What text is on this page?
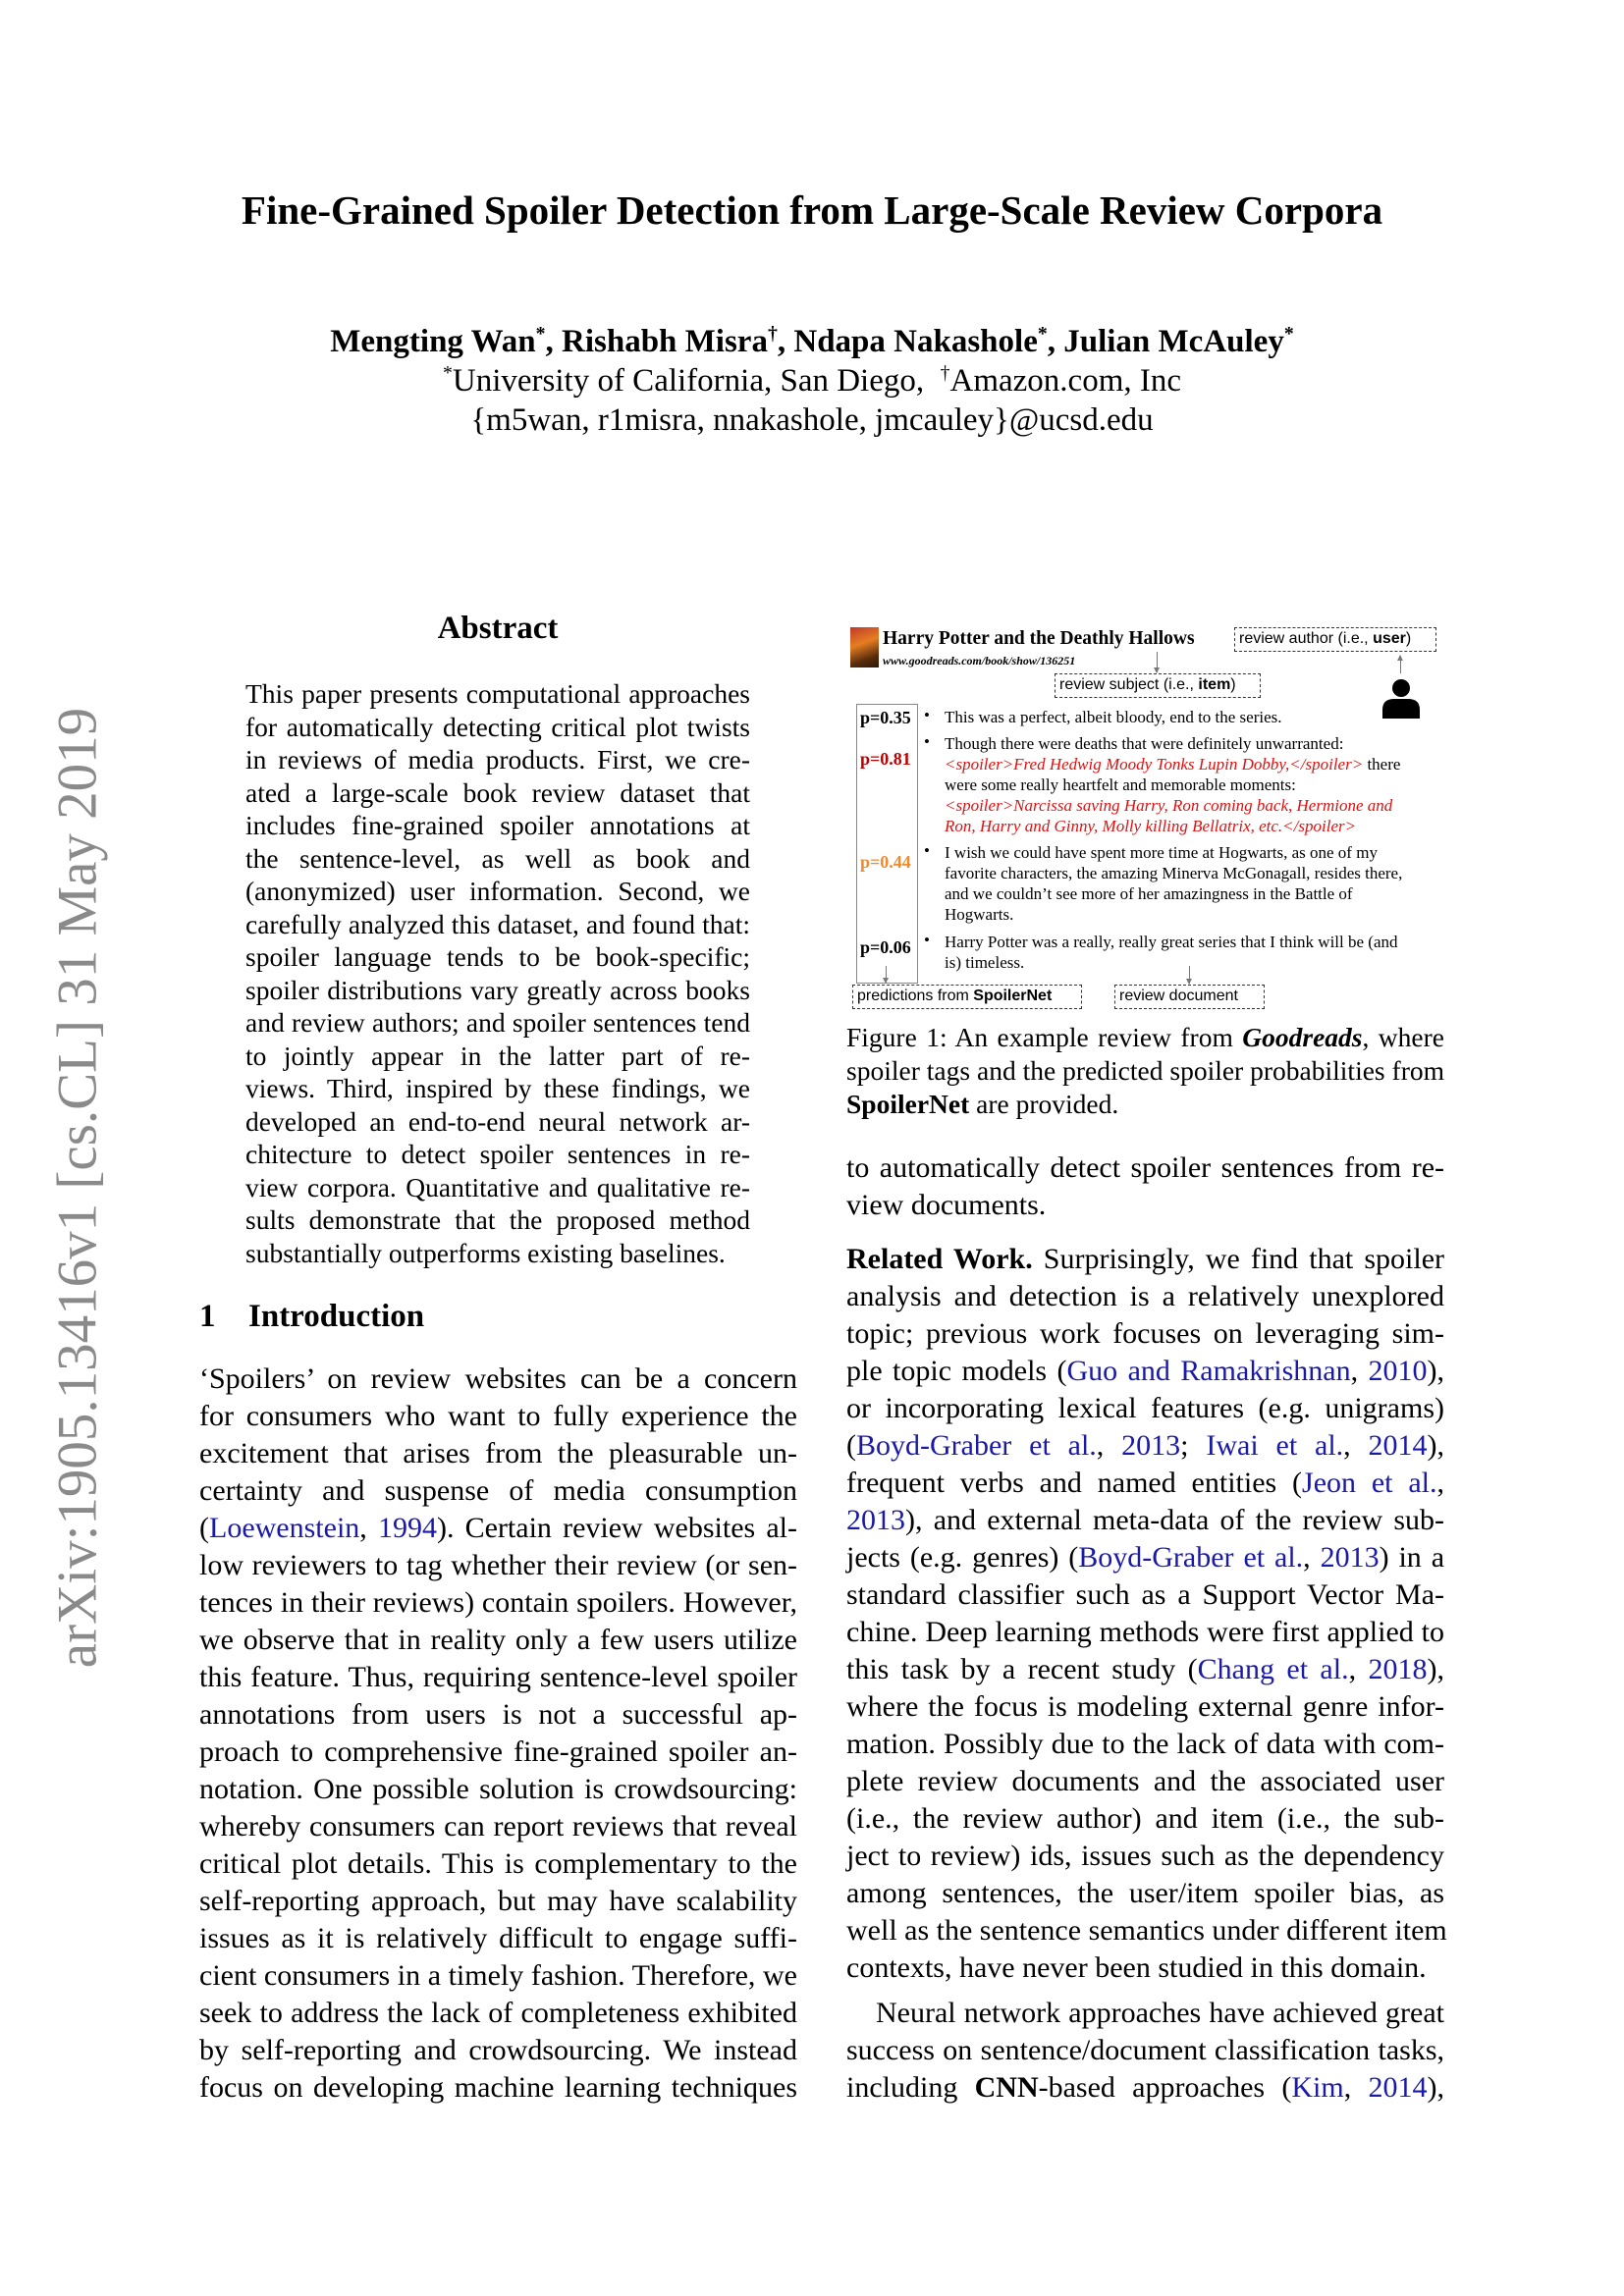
Fine-Grained Spoiler Detection from Large-Scale Review Corpora
Mengting Wan*, Rishabh Misra†, Ndapa Nakashole*, Julian McAuley*
*University of California, San Diego, †Amazon.com, Inc
{m5wan, r1misra, nnakashole, jmcauley}@ucsd.edu
arXiv:1905.13416v1 [cs.CL] 31 May 2019
Abstract
This paper presents computational approaches
for automatically detecting critical plot twists
in reviews of media products. First, we cre-
ated a large-scale book review dataset that
includes fine-grained spoiler annotations at
the sentence-level, as well as book and
(anonymized) user information. Second, we
carefully analyzed this dataset, and found that:
spoiler language tends to be book-specific;
spoiler distributions vary greatly across books
and review authors; and spoiler sentences tend
to jointly appear in the latter part of re-
views. Third, inspired by these findings, we
developed an end-to-end neural network ar-
chitecture to detect spoiler sentences in re-
view corpora. Quantitative and qualitative re-
sults demonstrate that the proposed method
substantially outperforms existing baselines.
1 Introduction
‘Spoilers’ on review websites can be a concern
for consumers who want to fully experience the
excitement that arises from the pleasurable un-
certainty and suspense of media consumption
(Loewenstein, 1994). Certain review websites al-
low reviewers to tag whether their review (or sen-
tences in their reviews) contain spoilers. However,
we observe that in reality only a few users utilize
this feature. Thus, requiring sentence-level spoiler
annotations from users is not a successful ap-
proach to comprehensive fine-grained spoiler an-
notation. One possible solution is crowdsourcing:
whereby consumers can report reviews that reveal
critical plot details. This is complementary to the
self-reporting approach, but may have scalability
issues as it is relatively difficult to engage suffi-
cient consumers in a timely fashion. Therefore, we
seek to address the lack of completeness exhibited
by self-reporting and crowdsourcing. We instead
focus on developing machine learning techniques
Harry Potter and the Deathly Hallows
www.goodreads.com/book/show/136251
review author (i.e., user)
review subject (i.e., item)
p=0.35
p=0.81
p=0.44
p=0.06
•
•
•
•
This was a perfect, albeit bloody, end to the series.
Though there were deaths that were definitely unwarranted:
<spoiler>Fred Hedwig Moody Tonks Lupin Dobby,</spoiler> there
were some really heartfelt and memorable moments:
<spoiler>Narcissa saving Harry, Ron coming back, Hermione and
Ron, Harry and Ginny, Molly killing Bellatrix, etc.</spoiler>
I wish we could have spent more time at Hogwarts, as one of my
favorite characters, the amazing Minerva McGonagall, resides there,
and we couldn’t see more of her amazingness in the Battle of
Hogwarts.
Harry Potter was a really, really great series that I think will be (and
is) timeless.
predictions from SpoilerNet	review document
Figure 1: An example review from Goodreads, where
spoiler tags and the predicted spoiler probabilities from
SpoilerNet are provided.
to automatically detect spoiler sentences from re-
view documents.
Related Work. Surprisingly, we find that spoiler
analysis and detection is a relatively unexplored
topic; previous work focuses on leveraging sim-
ple topic models (Guo and Ramakrishnan, 2010),
or incorporating lexical features (e.g. unigrams)
(Boyd-Graber et al., 2013; Iwai et al., 2014),
frequent verbs and named entities (Jeon et al.,
2013), and external meta-data of the review sub-
jects (e.g. genres) (Boyd-Graber et al., 2013) in a
standard classifier such as a Support Vector Ma-
chine. Deep learning methods were first applied to
this task by a recent study (Chang et al., 2018),
where the focus is modeling external genre infor-
mation. Possibly due to the lack of data with com-
plete review documents and the associated user
(i.e., the review author) and item (i.e., the sub-
ject to review) ids, issues such as the dependency
among sentences, the user/item spoiler bias, as
well as the sentence semantics under different item
contexts, have never been studied in this domain.
Neural network approaches have achieved great
success on sentence/document classification tasks,
including CNN-based approaches (Kim, 2014),
